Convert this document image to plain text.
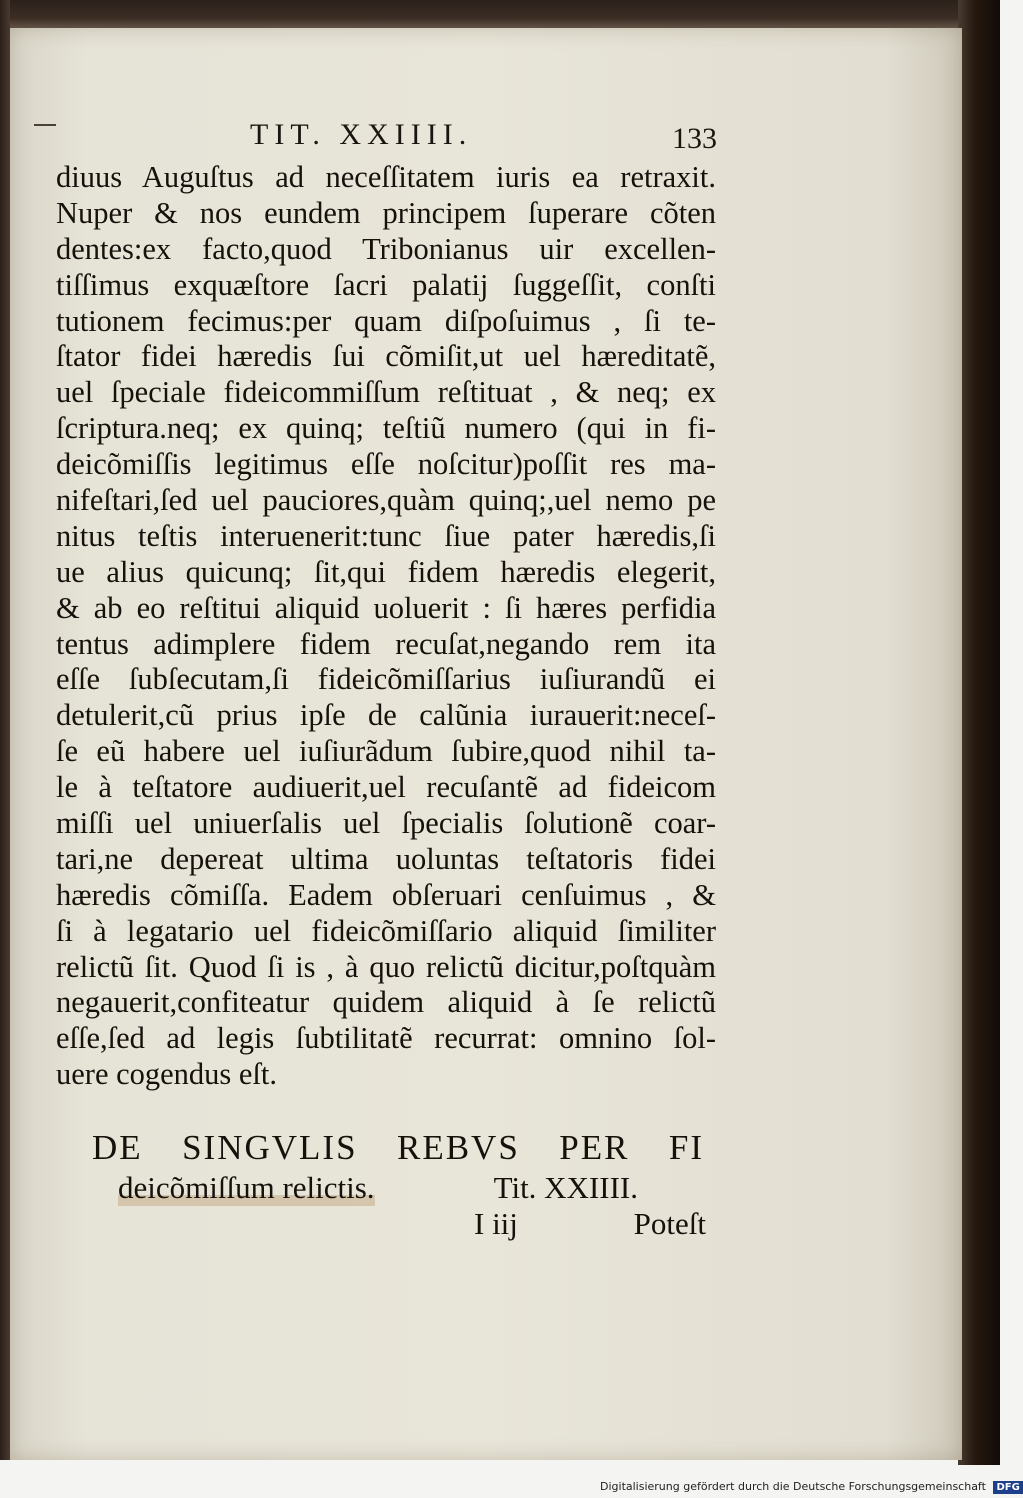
TIT. XXIIII.	133
diuus Auguſtus ad neceſſitatem iuris ea retraxit.
Nuper & nos eundem principem ſuperare cõten
dentes:ex facto,quod Tribonianus uir excellen-
tiſſimus exquæſtore ſacri palatij ſuggeſſit, conſti
tutionem fecimus:per quam diſpoſuimus , ſi te-
ſtator fidei hæredis ſui cõmiſit,ut uel hæreditatẽ,
uel ſpeciale fideicommiſſum reſtituat , & neq; ex
ſcriptura.neq; ex quinq; teſtiũ numero (qui in fi-
deicõmiſſis legitimus eſſe noſcitur)poſſit res ma-
nifeſtari,ſed uel pauciores,quàm quinq;,uel nemo pe
nitus teſtis interuenerit:tunc ſiue pater hæredis,ſi
ue alius quicunq; ſit,qui fidem hæredis elegerit,
& ab eo reſtitui aliquid uoluerit : ſi hæres perfidia
tentus adimplere fidem recuſat,negando rem ita
eſſe ſubſecutam,ſi fideicõmiſſarius iuſiurandũ ei
detulerit,cũ prius ipſe de calũnia iurauerit:neceſ-
ſe eũ habere uel iuſiurãdum ſubire,quod nihil ta-
le à teſtatore audiuerit,uel recuſantẽ ad fideicom
miſſi uel uniuerſalis uel ſpecialis ſolutionẽ coar-
tari,ne depereat ultima uoluntas teſtatoris fidei
hæredis cõmiſſa. Eadem obſeruari cenſuimus , &
ſi à legatario uel fideicõmiſſario aliquid ſimiliter
relictũ ſit. Quod ſi is , à quo relictũ dicitur,poſtquàm
negauerit,confiteatur quidem aliquid à ſe relictũ
eſſe,ſed ad legis ſubtilitatẽ recurrat: omnino ſol-
uere cogendus eſt.
DE SINGVLIS REBVS PER FI
deicõmiſſum relictis.	Tit. XXIIII.
I iij	Poteſt
Digitalisierung gefördert durch die Deutsche Forschungsgemeinschaft DFG
